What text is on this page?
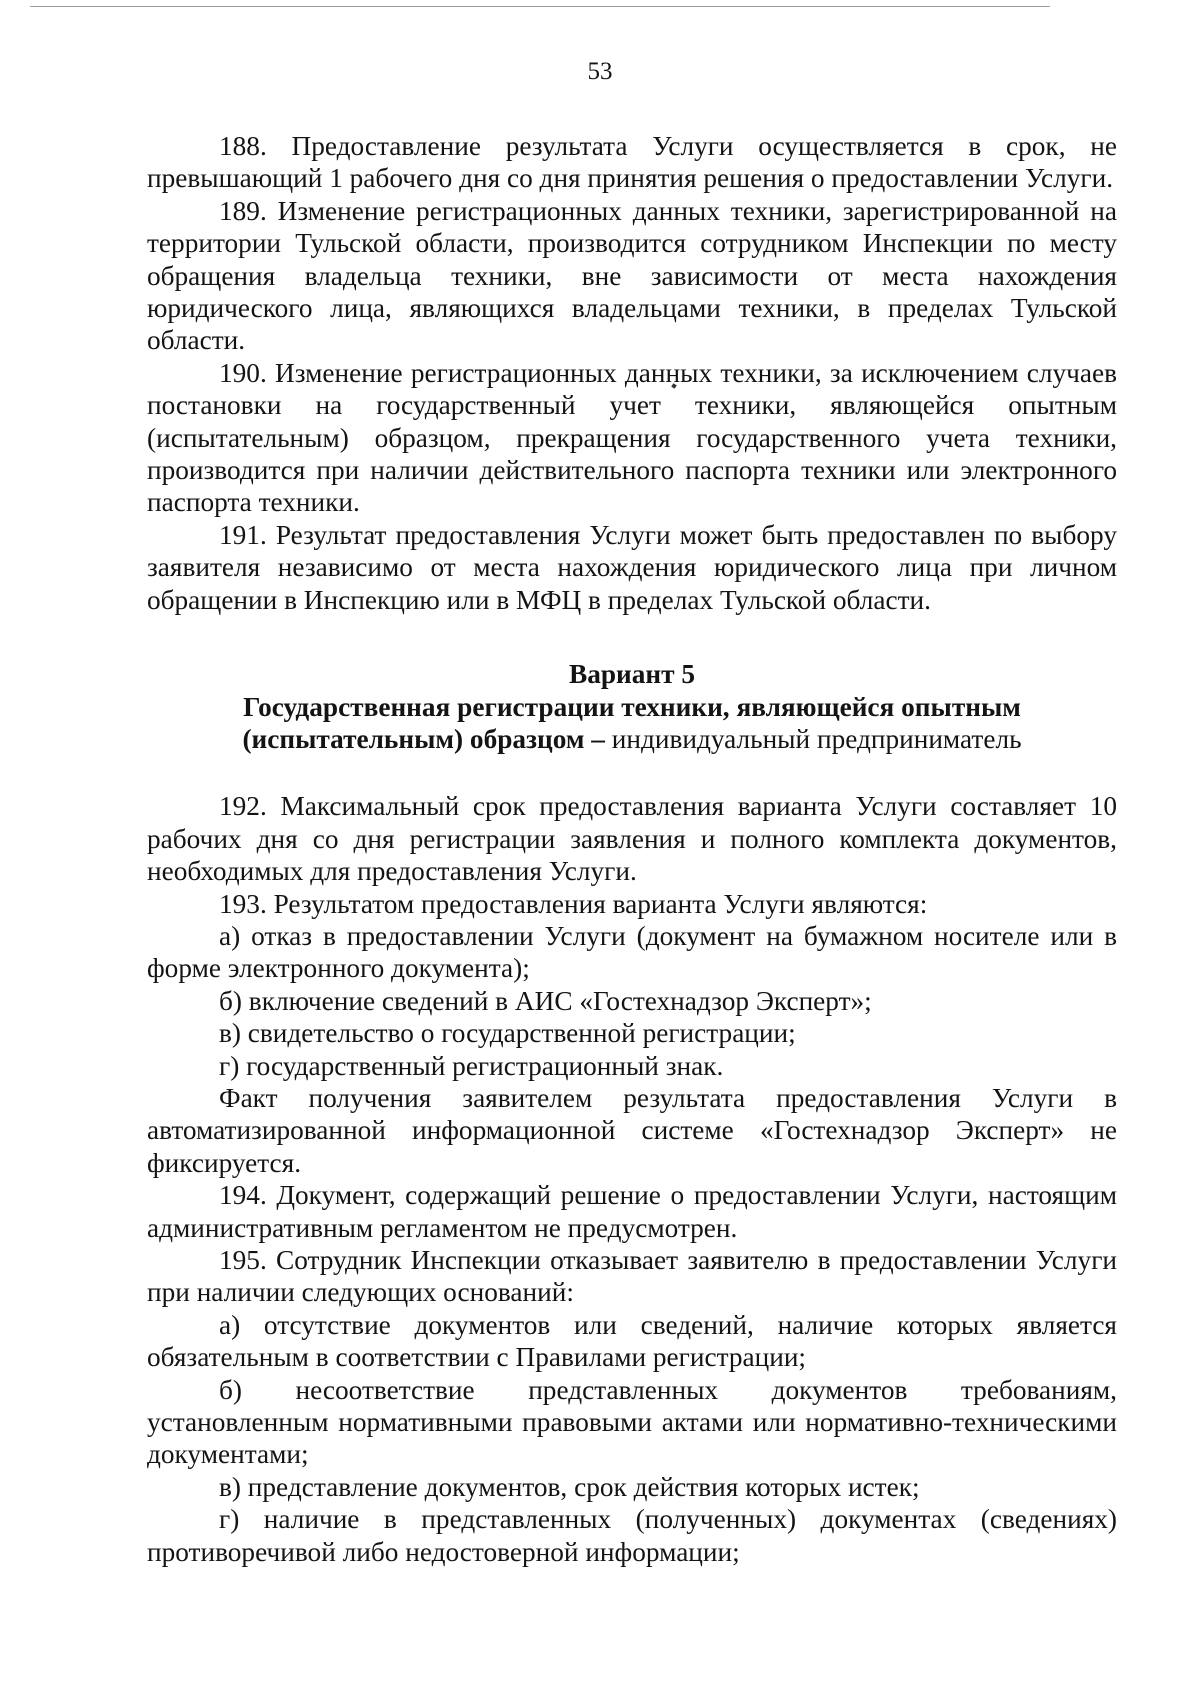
53

188. Предоставление результата Услуги осуществляется в срок, не превышающий 1 рабочего дня со дня принятия решения о предоставлении Услуги.

189. Изменение регистрационных данных техники, зарегистрированной на территории Тульской области, производится сотрудником Инспекции по месту обращения владельца техники, вне зависимости от места нахождения юридического лица, являющихся владельцами техники, в пределах Тульской области.

190. Изменение регистрационных данных техники, за исключением случаев постановки на государственный учет техники, являющейся опытным (испытательным) образцом, прекращения государственного учета техники, производится при наличии действительного паспорта техники или электронного паспорта техники.

191. Результат предоставления Услуги может быть предоставлен по выбору заявителя независимо от места нахождения юридического лица при личном обращении в Инспекцию или в МФЦ в пределах Тульской области.

Вариант 5
Государственная регистрации техники, являющейся опытным
(испытательным) образцом – индивидуальный предприниматель

192. Максимальный срок предоставления варианта Услуги составляет 10 рабочих дня со дня регистрации заявления и полного комплекта документов, необходимых для предоставления Услуги.

193. Результатом предоставления варианта Услуги являются:

а) отказ в предоставлении Услуги (документ на бумажном носителе или в форме электронного документа);

б) включение сведений в АИС «Гостехнадзор Эксперт»;

в) свидетельство о государственной регистрации;

г) государственный регистрационный знак.

Факт получения заявителем результата предоставления Услуги в автоматизированной информационной системе «Гостехнадзор Эксперт» не фиксируется.

194. Документ, содержащий решение о предоставлении Услуги, настоящим административным регламентом не предусмотрен.

195. Сотрудник Инспекции отказывает заявителю в предоставлении Услуги при наличии следующих оснований:

а) отсутствие документов или сведений, наличие которых является обязательным в соответствии с Правилами регистрации;

б) несоответствие представленных документов требованиям, установленным нормативными правовыми актами или нормативно-техническими документами;

в) представление документов, срок действия которых истек;

г) наличие в представленных (полученных) документах (сведениях) противоречивой либо недостоверной информации;
